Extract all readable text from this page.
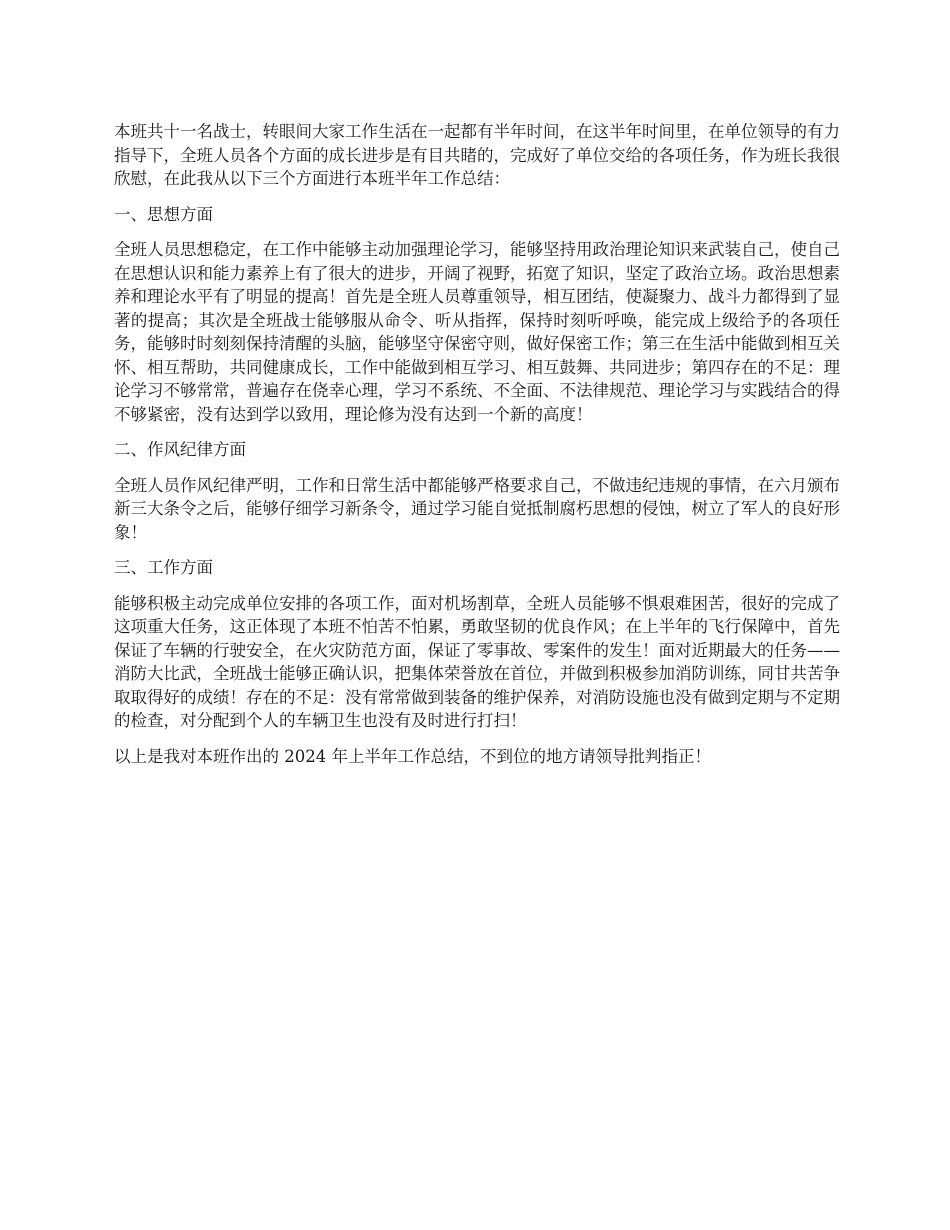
本班共十一名战士，转眼间大家工作生活在一起都有半年时间，在这半年时间里，在单位领导的有力指导下，全班人员各个方面的成长进步是有目共睹的，完成好了单位交给的各项任务，作为班长我很欣慰，在此我从以下三个方面进行本班半年工作总结：

一、思想方面

全班人员思想稳定，在工作中能够主动加强理论学习，能够坚持用政治理论知识来武装自己，使自己在思想认识和能力素养上有了很大的进步，开阔了视野，拓宽了知识，坚定了政治立场。政治思想素养和理论水平有了明显的提高！首先是全班人员尊重领导，相互团结，使凝聚力、战斗力都得到了显著的提高；其次是全班战士能够服从命令、听从指挥，保持时刻听呼唤，能完成上级给予的各项任务，能够时时刻刻保持清醒的头脑，能够坚守保密守则，做好保密工作；第三在生活中能做到相互关怀、相互帮助，共同健康成长，工作中能做到相互学习、相互鼓舞、共同进步；第四存在的不足：理论学习不够常常，普遍存在侥幸心理，学习不系统、不全面、不法律规范、理论学习与实践结合的得不够紧密，没有达到学以致用，理论修为没有达到一个新的高度！

二、作风纪律方面

全班人员作风纪律严明，工作和日常生活中都能够严格要求自己，不做违纪违规的事情，在六月颁布新三大条令之后，能够仔细学习新条令，通过学习能自觉抵制腐朽思想的侵蚀，树立了军人的良好形象！

三、工作方面

能够积极主动完成单位安排的各项工作，面对机场割草，全班人员能够不惧艰难困苦，很好的完成了这项重大任务，这正体现了本班不怕苦不怕累，勇敢坚韧的优良作风；在上半年的飞行保障中，首先保证了车辆的行驶安全，在火灾防范方面，保证了零事故、零案件的发生！面对近期最大的任务——消防大比武，全班战士能够正确认识，把集体荣誉放在首位，并做到积极参加消防训练，同甘共苦争取取得好的成绩！存在的不足：没有常常做到装备的维护保养，对消防设施也没有做到定期与不定期的检查，对分配到个人的车辆卫生也没有及时进行打扫！

以上是我对本班作出的 2024 年上半年工作总结，不到位的地方请领导批判指正！
